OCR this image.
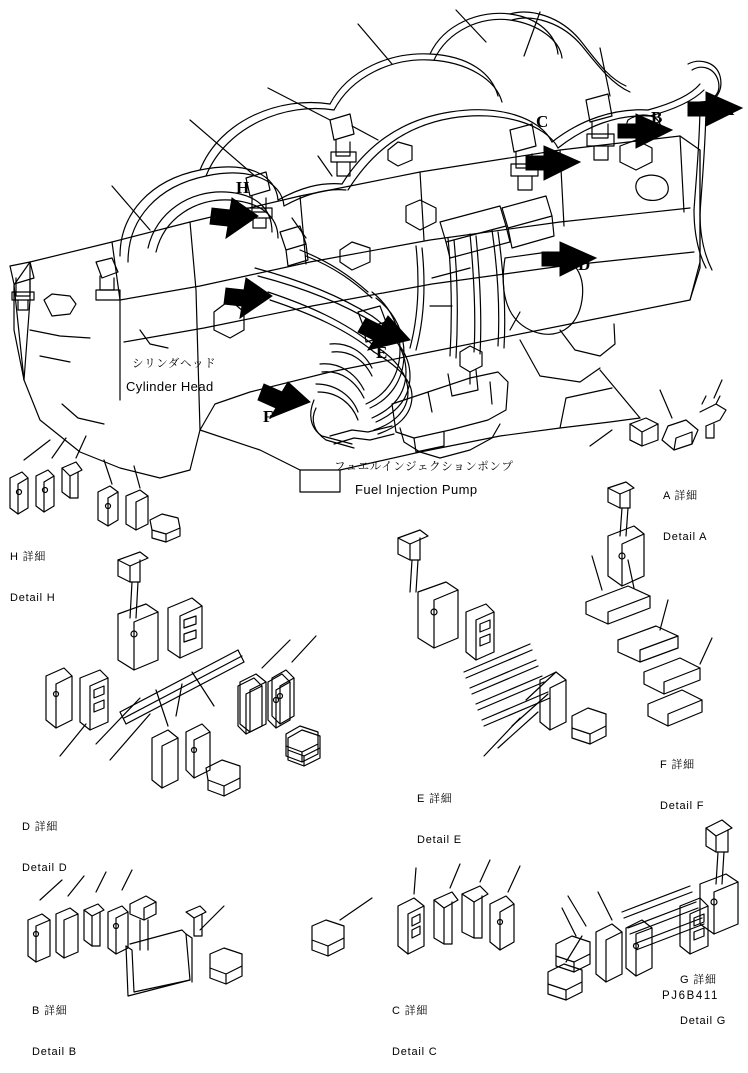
A
B
C
D
E
F
H
シリンダヘッド
Cylinder Head
フュエルインジェクションポンプ
Fuel Injection Pump

	A 詳細

Detail A

H 詳細

Detail H

F 詳細

Detail F

E 詳細

Detail E

D 詳細

Detail D

G 詳細

Detail G

B 詳細

Detail B

C 詳細

Detail C

PJ6B411
